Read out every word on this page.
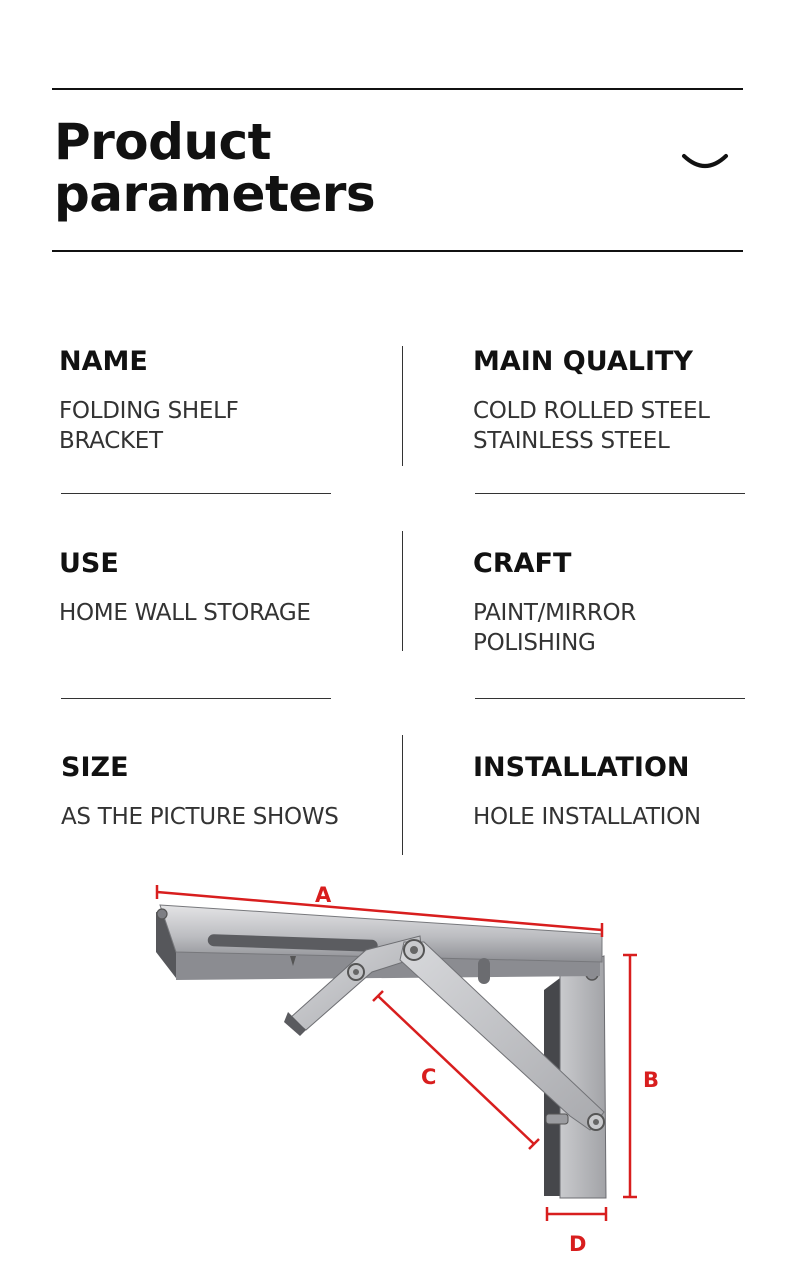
Product
parameters
NAME
FOLDING SHELF
BRACKET
MAIN QUALITY
COLD ROLLED STEEL
STAINLESS STEEL
USE
HOME WALL STORAGE
CRAFT
PAINT/MIRROR
POLISHING
SIZE
AS THE PICTURE SHOWS
INSTALLATION
HOLE INSTALLATION
A
B
C
D
